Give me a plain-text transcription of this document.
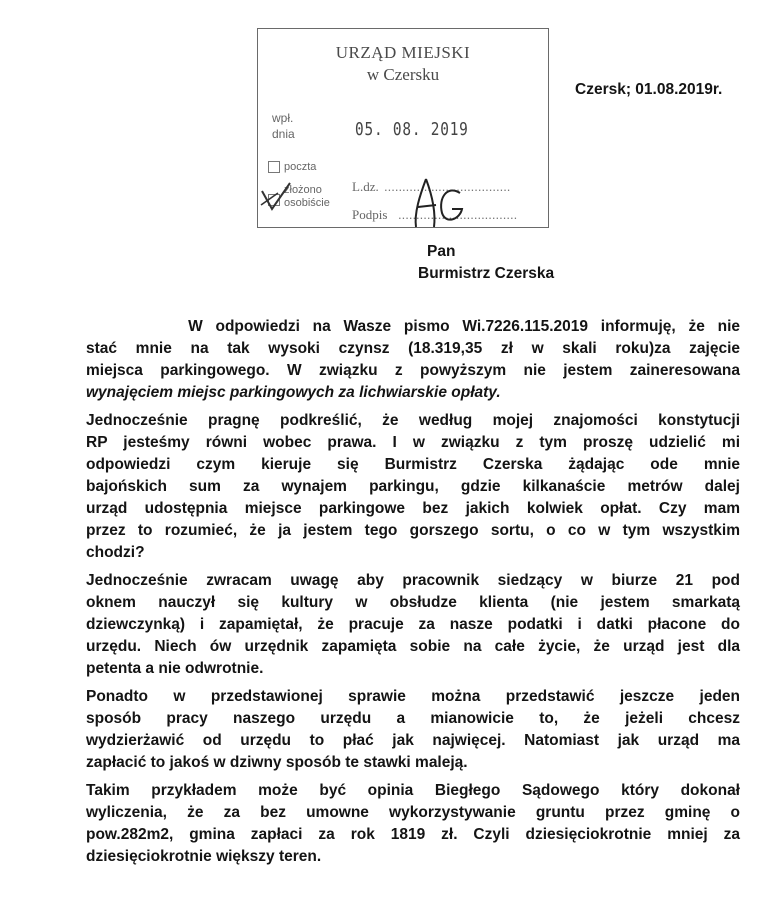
URZĄD MIEJSKI
w Czersku
wpł.
dnia	05. 08. 2019
poczta
złożono
osobiście
L.dz. ...................................
Podpis .................................
Czersk; 01.08.2019r.
Pan
Burmistrz Czerska
W odpowiedzi na Wasze pismo Wi.7226.115.2019 informuję, że nie
stać mnie na tak wysoki czynsz (18.319,35 zł w skali roku)za zajęcie
miejsca parkingowego. W związku z powyższym nie jestem zaineresowana
wynajęciem miejsc parkingowych za lichwiarskie opłaty.
Jednocześnie pragnę podkreślić, że według mojej znajomości konstytucji
RP jesteśmy równi wobec prawa. I w związku z tym proszę udzielić mi
odpowiedzi czym kieruje się Burmistrz Czerska żądając ode mnie
bajońskich sum za wynajem parkingu, gdzie kilkanaście metrów dalej
urząd udostępnia miejsce parkingowe bez jakich kolwiek opłat. Czy mam
przez to rozumieć, że ja jestem tego gorszego sortu, o co w tym wszystkim
chodzi?
Jednocześnie zwracam uwagę aby pracownik siedzący w biurze 21 pod
oknem nauczył się kultury w obsłudze klienta (nie jestem smarkatą
dziewczynką) i zapamiętał, że pracuje za nasze podatki i datki płacone do
urzędu. Niech ów urzędnik zapamięta sobie na całe życie, że urząd jest dla
petenta a nie odwrotnie.
Ponadto w przedstawionej sprawie można przedstawić jeszcze jeden
sposób pracy naszego urzędu a mianowicie to, że jeżeli chcesz
wydzierżawić od urzędu to płać jak najwięcej. Natomiast jak urząd ma
zapłacić to jakoś w dziwny sposób te stawki maleją.
Takim przykładem może być opinia Biegłego Sądowego który dokonał
wyliczenia, że za bez umowne wykorzystywanie gruntu przez gminę o
pow.282m2, gmina zapłaci za rok 1819 zł. Czyli dziesięciokrotnie mniej za
dziesięciokrotnie większy teren.
